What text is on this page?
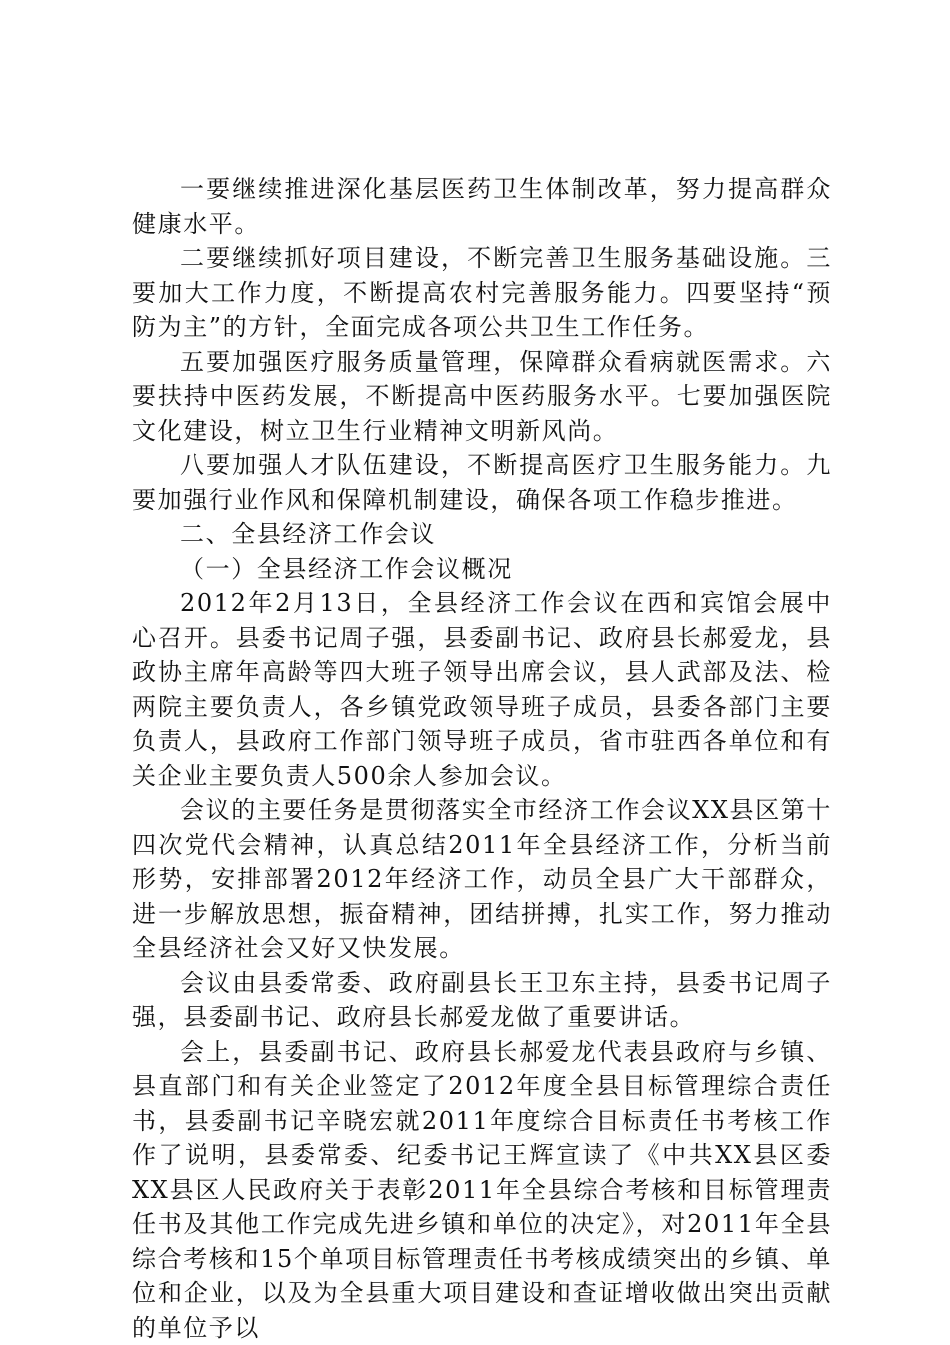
一要继续推进深化基层医药卫生体制改革，努力提高群众健康水平。

二要继续抓好项目建设，不断完善卫生服务基础设施。三要加大工作力度，不断提高农村完善服务能力。四要坚持“预防为主”的方针，全面完成各项公共卫生工作任务。

五要加强医疗服务质量管理，保障群众看病就医需求。六要扶持中医药发展，不断提高中医药服务水平。七要加强医院文化建设，树立卫生行业精神文明新风尚。

八要加强人才队伍建设，不断提高医疗卫生服务能力。九要加强行业作风和保障机制建设，确保各项工作稳步推进。

二、全县经济工作会议

（一）全县经济工作会议概况

2012年2月13日，全县经济工作会议在西和宾馆会展中心召开。县委书记周子强，县委副书记、政府县长郝爱龙，县政协主席年高龄等四大班子领导出席会议，县人武部及法、检两院主要负责人，各乡镇党政领导班子成员，县委各部门主要负责人，县政府工作部门领导班子成员，省市驻西各单位和有关企业主要负责人500余人参加会议。

会议的主要任务是贯彻落实全市经济工作会议XX县区第十四次党代会精神，认真总结2011年全县经济工作，分析当前形势，安排部署2012年经济工作，动员全县广大干部群众，进一步解放思想，振奋精神，团结拼搏，扎实工作，努力推动全县经济社会又好又快发展。

会议由县委常委、政府副县长王卫东主持，县委书记周子强，县委副书记、政府县长郝爱龙做了重要讲话。

会上，县委副书记、政府县长郝爱龙代表县政府与乡镇、县直部门和有关企业签定了2012年度全县目标管理综合责任书，县委副书记辛晓宏就2011年度综合目标责任书考核工作作了说明，县委常委、纪委书记王辉宣读了《中共XX县区委XX县区人民政府关于表彰2011年全县综合考核和目标管理责任书及其他工作完成先进乡镇和单位的决定》，对2011年全县综合考核和15个单项目标管理责任书考核成绩突出的乡镇、单位和企业，以及为全县重大项目建设和查证增收做出突出贡献的单位予以
